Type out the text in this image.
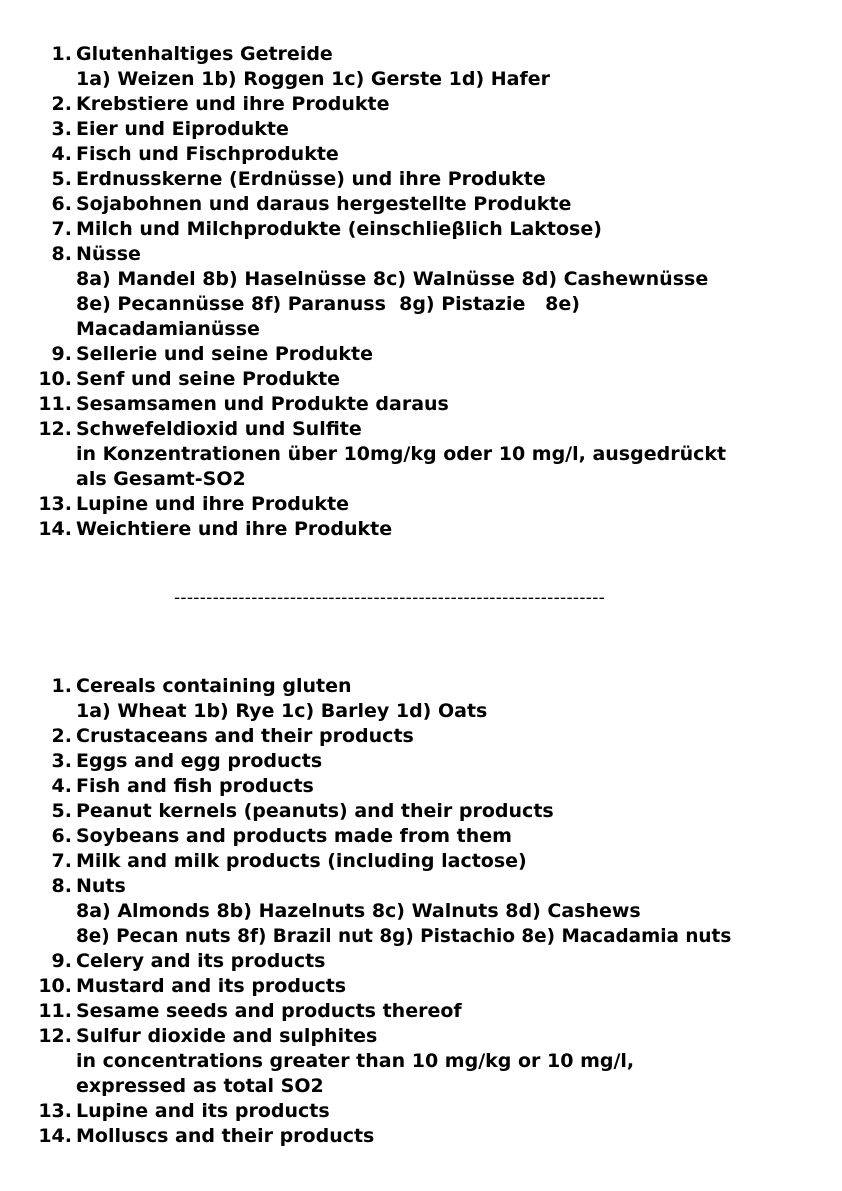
1. Glutenhaltiges Getreide
1a) Weizen 1b) Roggen 1c) Gerste 1d) Hafer
2. Krebstiere und ihre Produkte
3. Eier und Eiprodukte
4. Fisch und Fischprodukte
5. Erdnusskerne (Erdnüsse) und ihre Produkte
6. Sojabohnen und daraus hergestellte Produkte
7. Milch und Milchprodukte (einschlieβlich Laktose)
8. Nüsse
8a) Mandel 8b) Haselnüsse 8c) Walnüsse 8d) Cashewnüsse
8e) Pecannüsse 8f) Paranuss  8g) Pistazie   8e)
Macadamianüsse
9. Sellerie und seine Produkte
10. Senf und seine Produkte
11. Sesamsamen und Produkte daraus
12. Schwefeldioxid und Sulfite
in Konzentrationen über 10mg/kg oder 10 mg/l, ausgedrückt
als Gesamt-SO2
13. Lupine und ihre Produkte
14. Weichtiere und ihre Produkte
-------------------------------------------------------------------
1. Cereals containing gluten
1a) Wheat 1b) Rye 1c) Barley 1d) Oats
2. Crustaceans and their products
3. Eggs and egg products
4. Fish and fish products
5. Peanut kernels (peanuts) and their products
6. Soybeans and products made from them
7. Milk and milk products (including lactose)
8. Nuts
8a) Almonds 8b) Hazelnuts 8c) Walnuts 8d) Cashews
8e) Pecan nuts 8f) Brazil nut 8g) Pistachio 8e) Macadamia nuts
9. Celery and its products
10. Mustard and its products
11. Sesame seeds and products thereof
12. Sulfur dioxide and sulphites
in concentrations greater than 10 mg/kg or 10 mg/l,
expressed as total SO2
13. Lupine and its products
14. Molluscs and their products
